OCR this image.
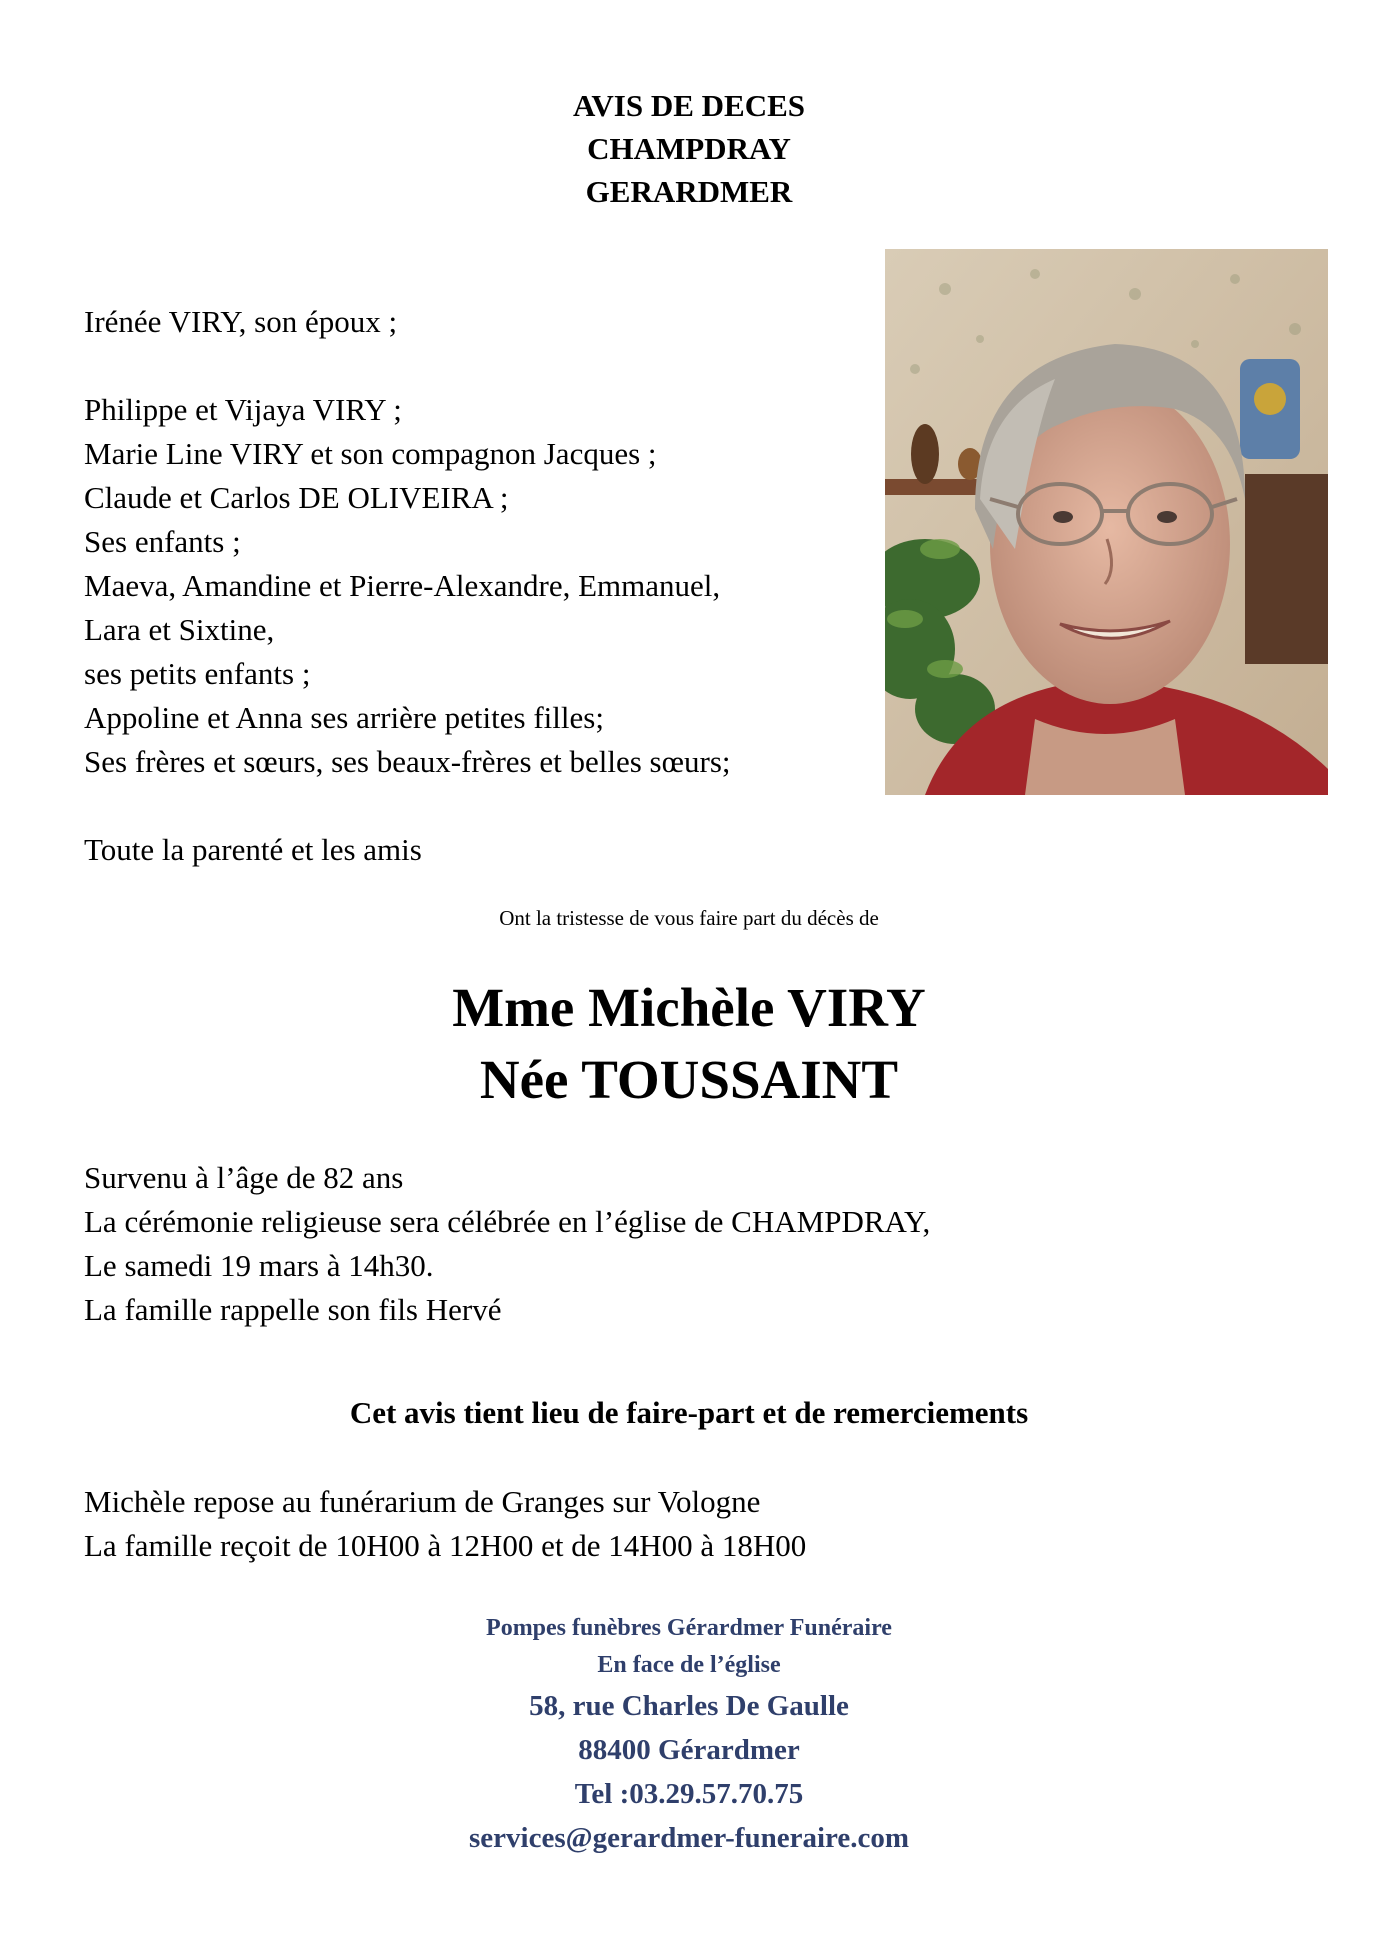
AVIS DE DECES
CHAMPDRAY
GERARDMER
Irénée VIRY, son époux ;
Philippe et Vijaya VIRY ;
Marie Line VIRY et son compagnon Jacques ;
Claude et Carlos DE OLIVEIRA ;
Ses enfants ;
Maeva, Amandine et Pierre-Alexandre, Emmanuel,
Lara et Sixtine,
ses petits enfants ;
Appoline et Anna ses arrière petites filles;
Ses frères et sœurs, ses beaux-frères et belles sœurs;
Toute la parenté et les amis
Ont la tristesse de vous faire part du décès de
Mme Michèle VIRY
Née TOUSSAINT
Survenu à l’âge de 82 ans
La cérémonie religieuse sera célébrée en l’église de CHAMPDRAY,
Le samedi 19 mars à 14h30.
La famille rappelle son fils Hervé
Cet avis tient lieu de faire-part et de remerciements
Michèle repose au funérarium de Granges sur Vologne
La famille reçoit de 10H00 à 12H00 et de 14H00 à 18H00
Pompes funèbres Gérardmer Funéraire
En face de l’église
58, rue Charles De Gaulle
88400 Gérardmer
Tel :03.29.57.70.75
services@gerardmer-funeraire.com
